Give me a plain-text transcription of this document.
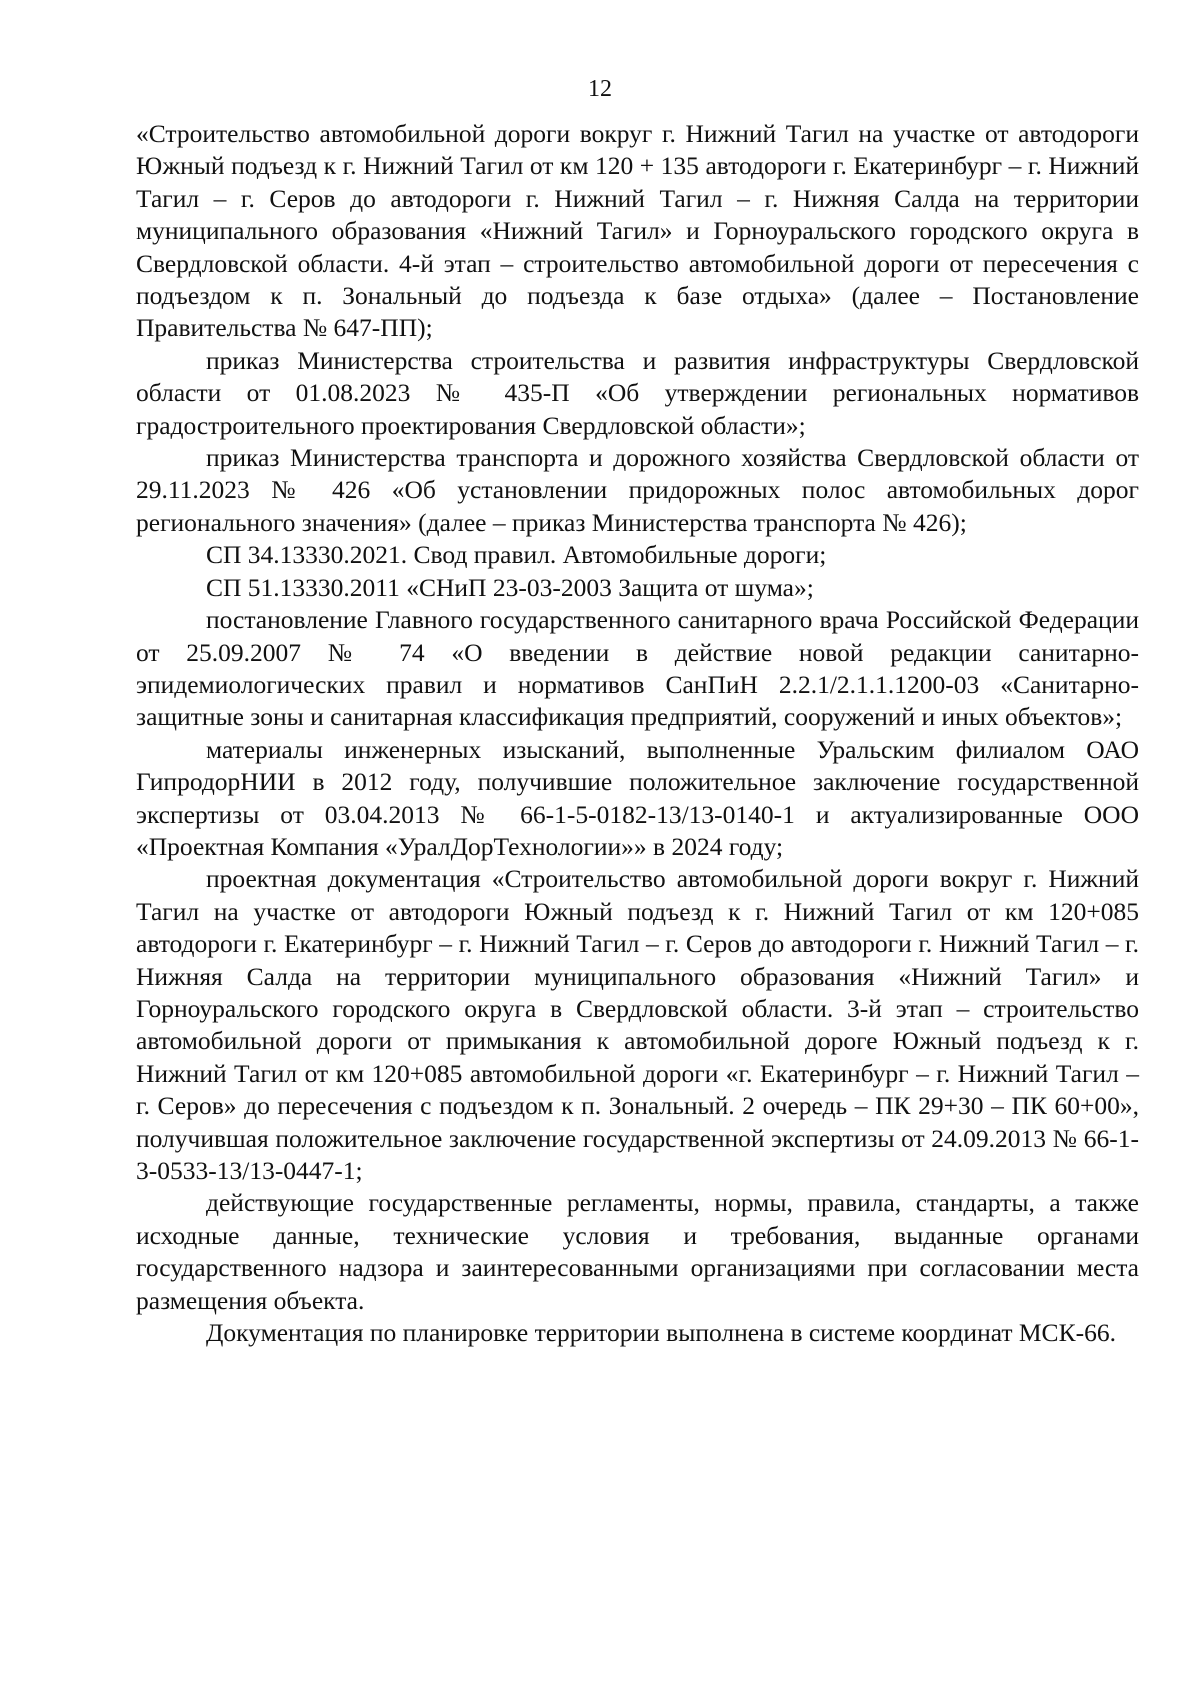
12

«Строительство автомобильной дороги вокруг г. Нижний Тагил на участке от автодороги Южный подъезд к г. Нижний Тагил от км 120 + 135 автодороги г. Екатеринбург – г. Нижний Тагил – г. Серов до автодороги г. Нижний Тагил – г. Нижняя Салда на территории муниципального образования «Нижний Тагил» и Горноуральского городского округа в Свердловской области. 4-й этап – строительство автомобильной дороги от пересечения с подъездом к п. Зональный до подъезда к базе отдыха» (далее – Постановление Правительства № 647-ПП);

приказ Министерства строительства и развития инфраструктуры Свердловской области от 01.08.2023 № 435-П «Об утверждении региональных нормативов градостроительного проектирования Свердловской области»;

приказ Министерства транспорта и дорожного хозяйства Свердловской области от 29.11.2023 № 426 «Об установлении придорожных полос автомобильных дорог регионального значения» (далее – приказ Министерства транспорта № 426);

СП 34.13330.2021. Свод правил. Автомобильные дороги;

СП 51.13330.2011 «СНиП 23-03-2003 Защита от шума»;

постановление Главного государственного санитарного врача Российской Федерации от 25.09.2007 № 74 «О введении в действие новой редакции санитарно-эпидемиологических правил и нормативов СанПиН 2.2.1/2.1.1.1200-03 «Санитарно-защитные зоны и санитарная классификация предприятий, сооружений и иных объектов»;

материалы инженерных изысканий, выполненные Уральским филиалом ОАО ГипродорНИИ в 2012 году, получившие положительное заключение государственной экспертизы от 03.04.2013 № 66-1-5-0182-13/13-0140-1 и актуализированные ООО «Проектная Компания «УралДорТехнологии»» в 2024 году;

проектная документация «Строительство автомобильной дороги вокруг г. Нижний Тагил на участке от автодороги Южный подъезд к г. Нижний Тагил от км 120+085 автодороги г. Екатеринбург – г. Нижний Тагил – г. Серов до автодороги г. Нижний Тагил – г. Нижняя Салда на территории муниципального образования «Нижний Тагил» и Горноуральского городского округа в Свердловской области. 3-й этап – строительство автомобильной дороги от примыкания к автомобильной дороге Южный подъезд к г. Нижний Тагил от км 120+085 автомобильной дороги «г. Екатеринбург – г. Нижний Тагил – г. Серов» до пересечения с подъездом к п. Зональный. 2 очередь – ПК 29+30 – ПК 60+00», получившая положительное заключение государственной экспертизы от 24.09.2013 № 66-1-3-0533-13/13-0447-1;

действующие государственные регламенты, нормы, правила, стандарты, а также исходные данные, технические условия и требования, выданные органами государственного надзора и заинтересованными организациями при согласовании места размещения объекта.

Документация по планировке территории выполнена в системе координат МСК-66.
